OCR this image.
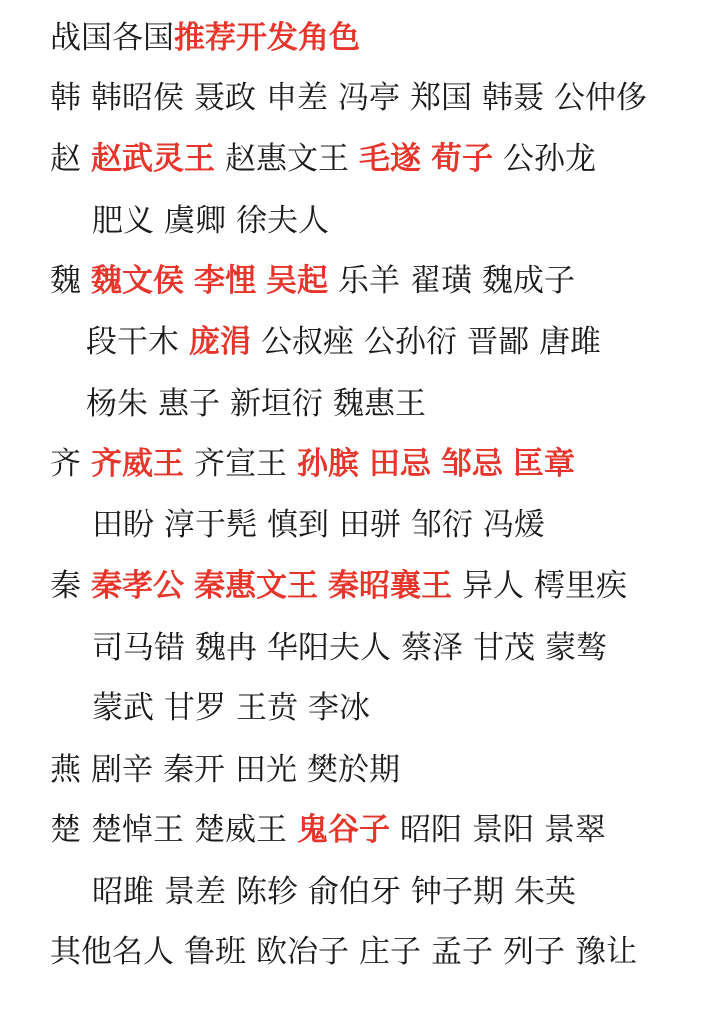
战国各国推荐开发角色
韩 韩昭侯 聂政 申差 冯亭 郑国 韩聂 公仲侈
赵 赵武灵王 赵惠文王 毛遂 荀子 公孙龙
肥义 虞卿 徐夫人
魏 魏文侯 李悝 吴起 乐羊 翟璜 魏成子
段干木 庞涓 公叔痤 公孙衍 晋鄙 唐雎
杨朱 惠子 新垣衍 魏惠王
齐 齐威王 齐宣王 孙膑 田忌 邹忌 匡章
田盼 淳于髡 慎到 田骈 邹衍 冯煖
秦 秦孝公 秦惠文王 秦昭襄王 异人 樗里疾
司马错 魏冉 华阳夫人 蔡泽 甘茂 蒙骜
蒙武 甘罗 王贲 李冰
燕 剧辛 秦开 田光 樊於期
楚 楚悼王 楚威王 鬼谷子 昭阳 景阳 景翠
昭雎 景差 陈轸 俞伯牙 钟子期 朱英
其他名人 鲁班 欧冶子 庄子 孟子 列子 豫让
